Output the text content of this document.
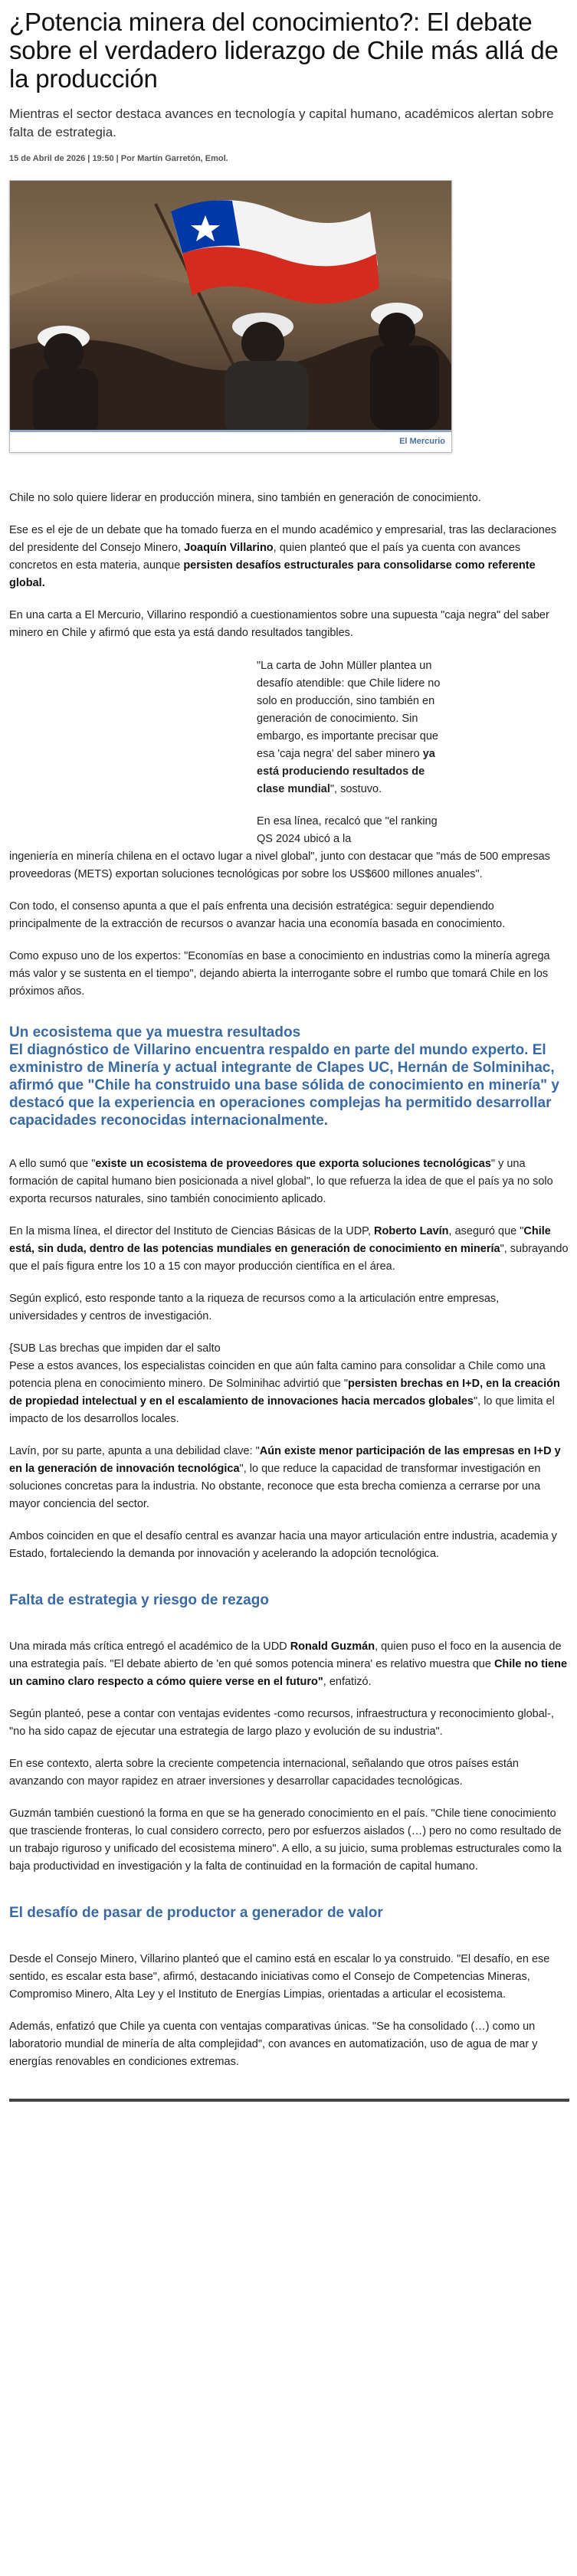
¿Potencia minera del conocimiento?: El debate sobre el verdadero liderazgo de Chile más allá de la producción

Mientras el sector destaca avances en tecnología y capital humano, académicos alertan sobre falta de estrategia.

15 de Abril de 2026 | 19:50 | Por Martín Garretón, Emol.

El Mercurio

Chile no solo quiere liderar en producción minera, sino también en generación de conocimiento.

Ese es el eje de un debate que ha tomado fuerza en el mundo académico y empresarial, tras las declaraciones del presidente del Consejo Minero, Joaquín Villarino, quien planteó que el país ya cuenta con avances concretos en esta materia, aunque persisten desafíos estructurales para consolidarse como referente global.

En una carta a El Mercurio, Villarino respondió a cuestionamientos sobre una supuesta "caja negra" del saber minero en Chile y afirmó que esta ya está dando resultados tangibles.

"La carta de John Müller plantea un desafío atendible: que Chile lidere no solo en producción, sino también en generación de conocimiento. Sin embargo, es importante precisar que esa 'caja negra' del saber minero ya está produciendo resultados de clase mundial", sostuvo.

En esa línea, recalcó que "el ranking QS 2024 ubicó a la

ingeniería en minería chilena en el octavo lugar a nivel global", junto con destacar que "más de 500 empresas proveedoras (METS) exportan soluciones tecnológicas por sobre los US$600 millones anuales".

Con todo, el consenso apunta a que el país enfrenta una decisión estratégica: seguir dependiendo principalmente de la extracción de recursos o avanzar hacia una economía basada en conocimiento.

Como expuso uno de los expertos: "Economías en base a conocimiento en industrias como la minería agrega más valor y se sustenta en el tiempo", dejando abierta la interrogante sobre el rumbo que tomará Chile en los próximos años.

Un ecosistema que ya muestra resultados
El diagnóstico de Villarino encuentra respaldo en parte del mundo experto. El exministro de Minería y actual integrante de Clapes UC, Hernán de Solminihac, afirmó que "Chile ha construido una base sólida de conocimiento en minería" y destacó que la experiencia en operaciones complejas ha permitido desarrollar capacidades reconocidas internacionalmente.

A ello sumó que "existe un ecosistema de proveedores que exporta soluciones tecnológicas" y una formación de capital humano bien posicionada a nivel global", lo que refuerza la idea de que el país ya no solo exporta recursos naturales, sino también conocimiento aplicado.

En la misma línea, el director del Instituto de Ciencias Básicas de la UDP, Roberto Lavín, aseguró que "Chile está, sin duda, dentro de las potencias mundiales en generación de conocimiento en minería", subrayando que el país figura entre los 10 a 15 con mayor producción científica en el área.

Según explicó, esto responde tanto a la riqueza de recursos como a la articulación entre empresas, universidades y centros de investigación.

{SUB Las brechas que impiden dar el salto
Pese a estos avances, los especialistas coinciden en que aún falta camino para consolidar a Chile como una potencia plena en conocimiento minero. De Solminihac advirtió que "persisten brechas en I+D, en la creación de propiedad intelectual y en el escalamiento de innovaciones hacia mercados globales", lo que limita el impacto de los desarrollos locales.

Lavín, por su parte, apunta a una debilidad clave: "Aún existe menor participación de las empresas en I+D y en la generación de innovación tecnológica", lo que reduce la capacidad de transformar investigación en soluciones concretas para la industria. No obstante, reconoce que esta brecha comienza a cerrarse por una mayor conciencia del sector.

Ambos coinciden en que el desafío central es avanzar hacia una mayor articulación entre industria, academia y Estado, fortaleciendo la demanda por innovación y acelerando la adopción tecnológica.

Falta de estrategia y riesgo de rezago

Una mirada más crítica entregó el académico de la UDD Ronald Guzmán, quien puso el foco en la ausencia de una estrategia país. "El debate abierto de 'en qué somos potencia minera' es relativo muestra que Chile no tiene un camino claro respecto a cómo quiere verse en el futuro", enfatizó.

Según planteó, pese a contar con ventajas evidentes -como recursos, infraestructura y reconocimiento global-, "no ha sido capaz de ejecutar una estrategia de largo plazo y evolución de su industria".

En ese contexto, alerta sobre la creciente competencia internacional, señalando que otros países están avanzando con mayor rapidez en atraer inversiones y desarrollar capacidades tecnológicas.

Guzmán también cuestionó la forma en que se ha generado conocimiento en el país. "Chile tiene conocimiento que trasciende fronteras, lo cual considero correcto, pero por esfuerzos aislados (…) pero no como resultado de un trabajo riguroso y unificado del ecosistema minero". A ello, a su juicio, suma problemas estructurales como la baja productividad en investigación y la falta de continuidad en la formación de capital humano.

El desafío de pasar de productor a generador de valor

Desde el Consejo Minero, Villarino planteó que el camino está en escalar lo ya construido. "El desafío, en ese sentido, es escalar esta base", afirmó, destacando iniciativas como el Consejo de Competencias Mineras, Compromiso Minero, Alta Ley y el Instituto de Energías Limpias, orientadas a articular el ecosistema.

Además, enfatizó que Chile ya cuenta con ventajas comparativas únicas. "Se ha consolidado (…) como un laboratorio mundial de minería de alta complejidad", con avances en automatización, uso de agua de mar y energías renovables en condiciones extremas.
